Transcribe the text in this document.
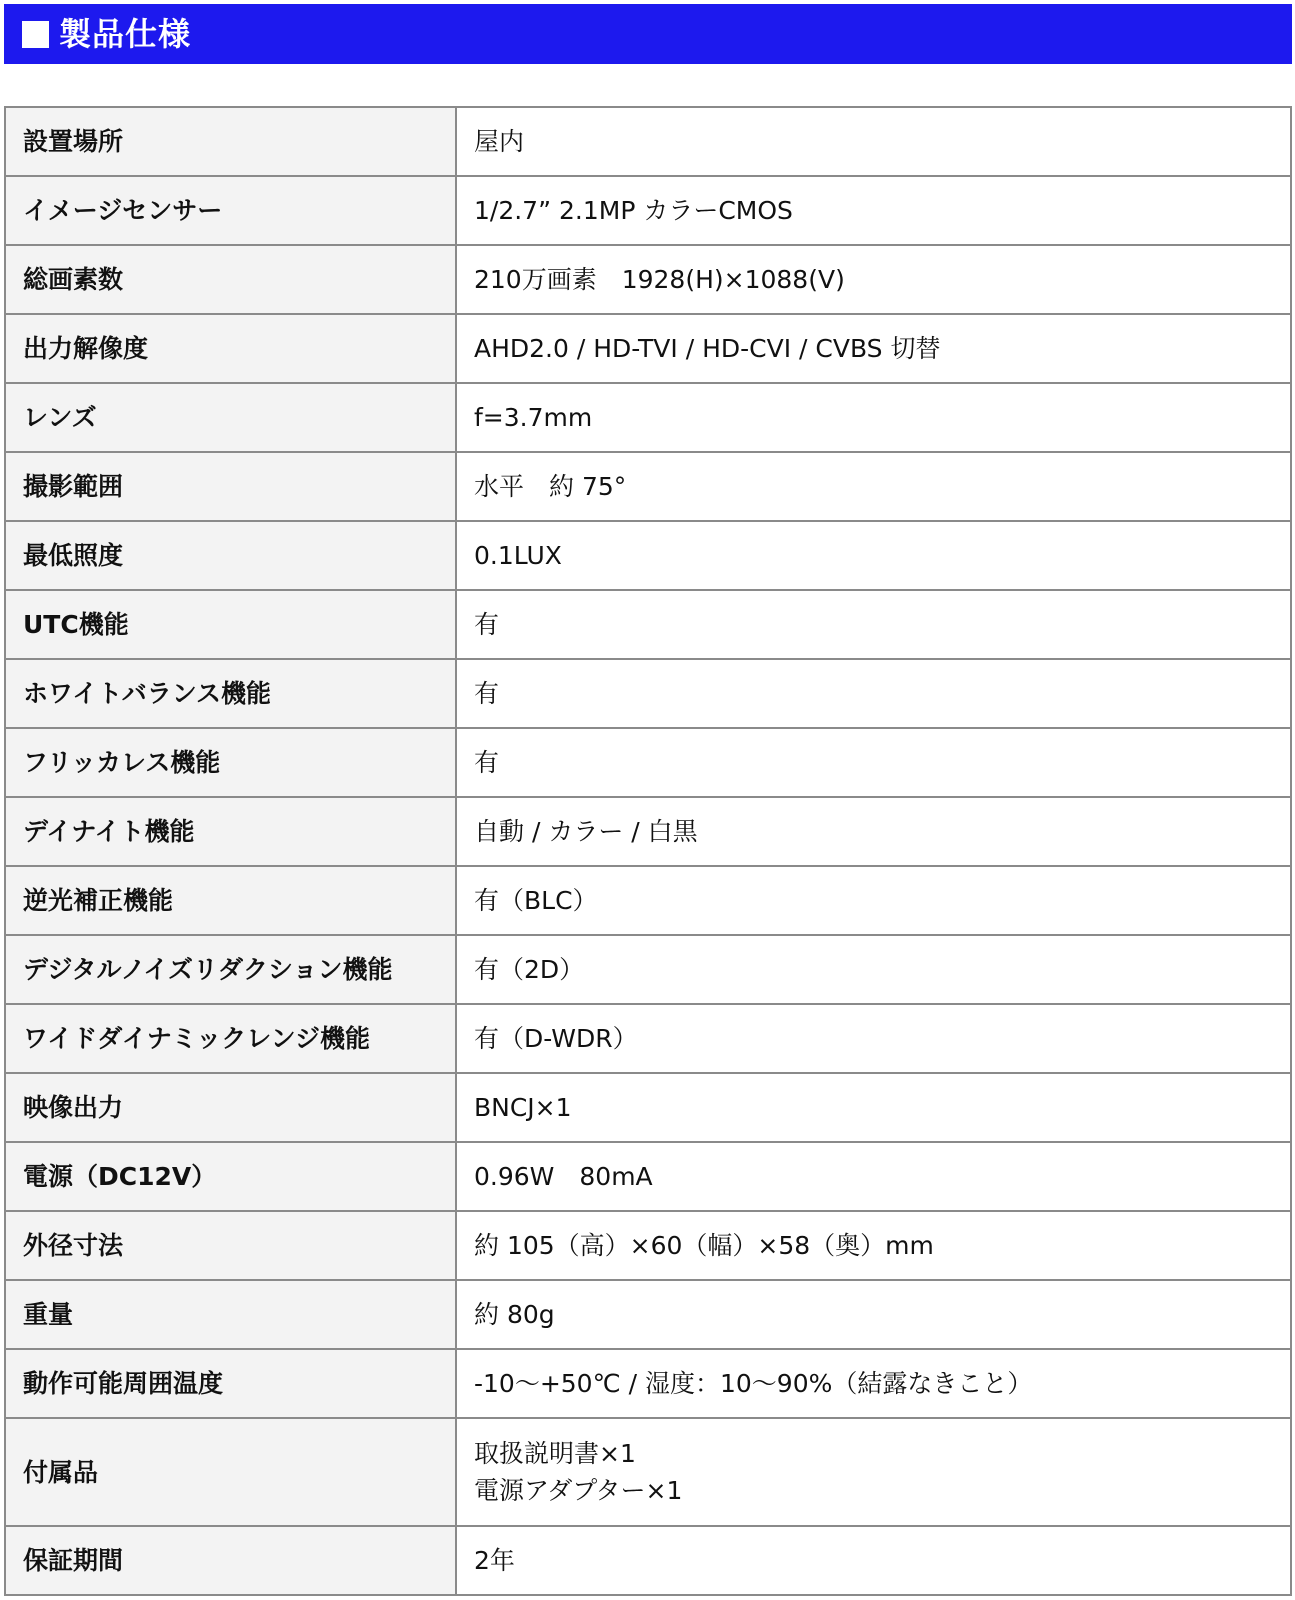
製品仕様
設置場所	屋内
イメージセンサー	1/2.7” 2.1MP カラーCMOS
総画素数	210万画素　1928(H)×1088(V)
出力解像度	AHD2.0 / HD-TVI / HD-CVI / CVBS 切替
レンズ	f=3.7mm
撮影範囲	水平　約 75°
最低照度	0.1LUX
UTC機能	有
ホワイトバランス機能	有
フリッカレス機能	有
デイナイト機能	自動 / カラー / 白黒
逆光補正機能	有（BLC）
デジタルノイズリダクション機能	有（2D）
ワイドダイナミックレンジ機能	有（D-WDR）
映像出力	BNCJ×1
電源（DC12V）	0.96W　80mA
外径寸法	約 105（高）×60（幅）×58（奥）mm
重量	約 80g
動作可能周囲温度	-10～+50℃ / 湿度：10～90%（結露なきこと）
付属品	取扱説明書×1
電源アダプター×1
保証期間	2年
